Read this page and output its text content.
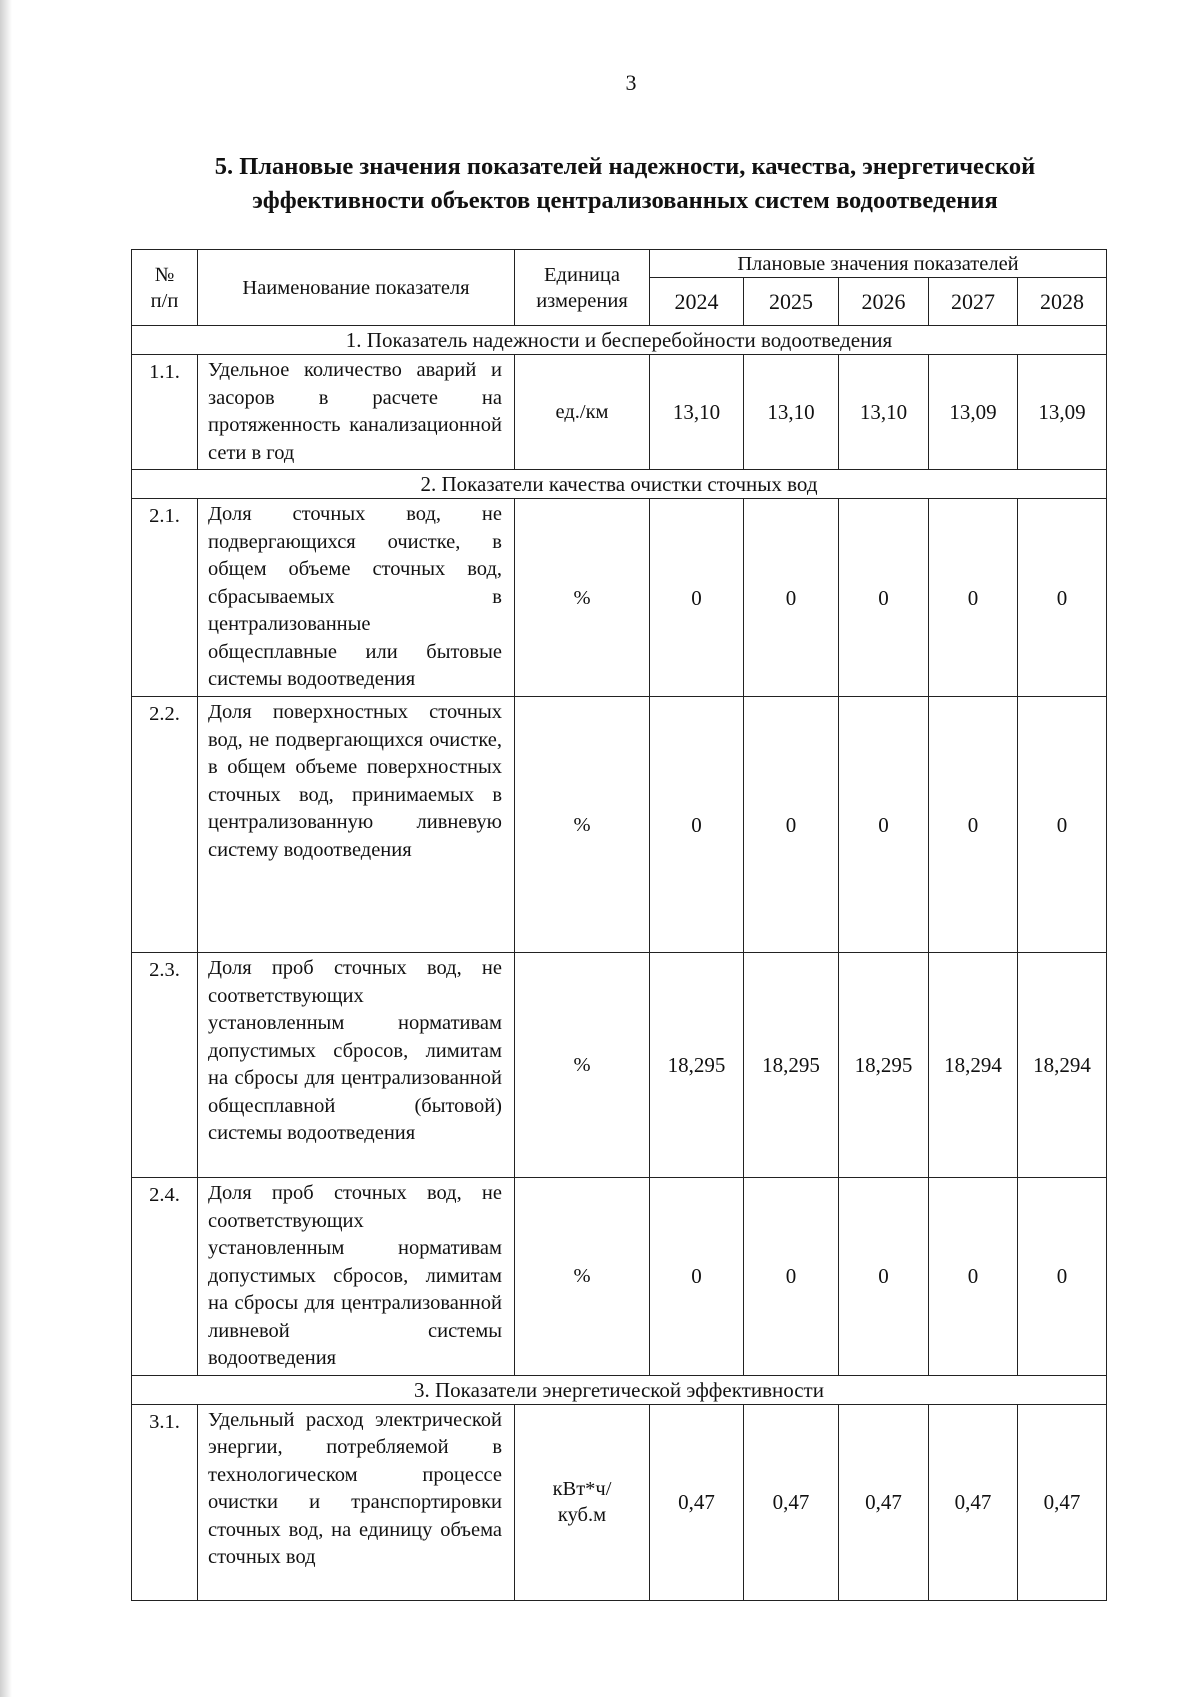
3
5. Плановые значения показателей надежности, качества, энергетической
эффективности объектов централизованных систем водоотведения
№ п/п	Наименование показателя	Единица измерения	Плановые значения показателей				
			2024	2025	2026	2027	2028
1. Показатель надежности и бесперебойности водоотведения							
1.1.	Удельное количество аварий и засоров в расчете на протяженность канализационной сети в год	ед./км	13,10	13,10	13,10	13,09	13,09
2. Показатели качества очистки сточных вод							
2.1.	Доля сточных вод, не подвергающихся очистке, в общем объеме сточных вод, сбрасываемых в централизованные общесплавные или бытовые системы водоотведения	%	0	0	0	0	0
2.2.	Доля поверхностных сточных вод, не подвергающихся очистке, в общем объеме поверхностных сточных вод, принимаемых в централизованную ливневую систему водоотведения	%	0	0	0	0	0
2.3.	Доля проб сточных вод, не соответствующих установленным нормативам допустимых сбросов, лимитам на сбросы для централизованной общесплавной (бытовой) системы водоотведения	%	18,295	18,295	18,295	18,294	18,294
2.4.	Доля проб сточных вод, не соответствующих установленным нормативам допустимых сбросов, лимитам на сбросы для централизованной ливневой системы водоотведения	%	0	0	0	0	0
3. Показатели энергетической эффективности							
3.1.	Удельный расход электрической энергии, потребляемой в технологическом процессе очистки и транспортировки сточных вод, на единицу объема сточных вод	кВт*ч/ куб.м	0,47	0,47	0,47	0,47	0,47
